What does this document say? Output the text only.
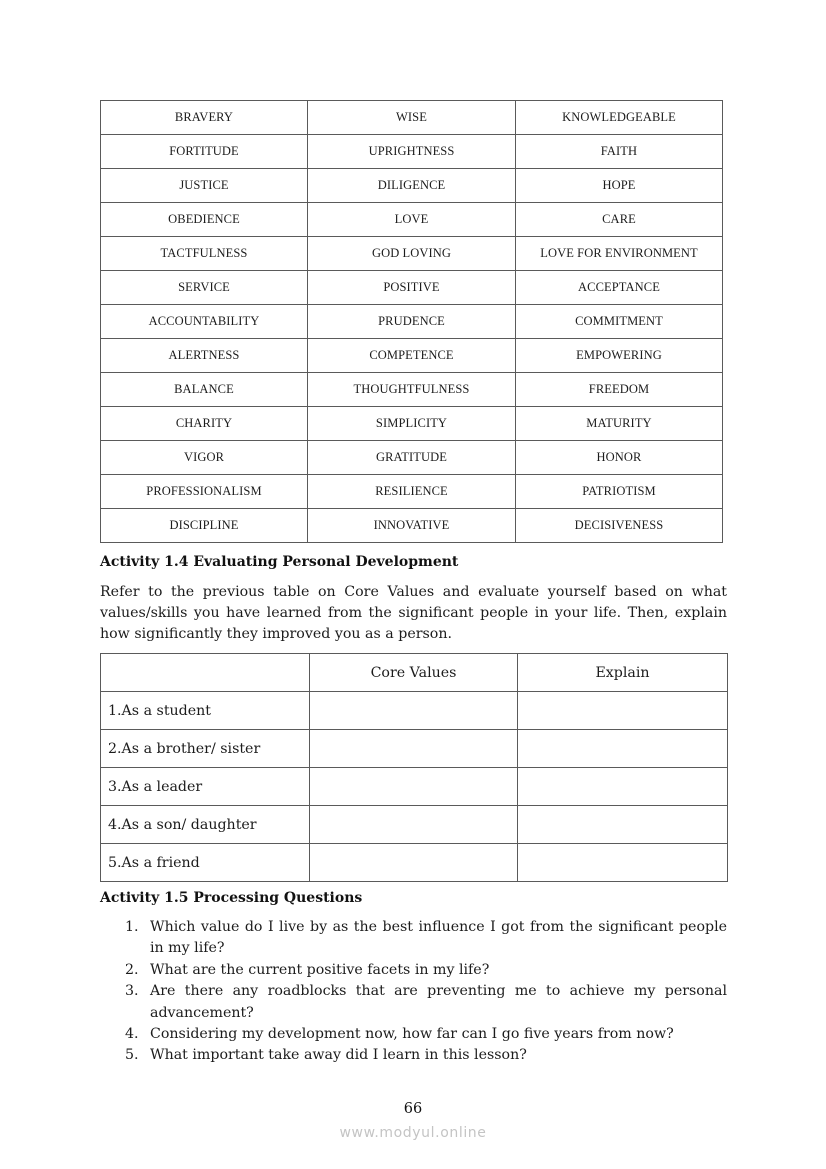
BRAVERY	WISE	KNOWLEDGEABLE
FORTITUDE	UPRIGHTNESS	FAITH
JUSTICE	DILIGENCE	HOPE
OBEDIENCE	LOVE	CARE
TACTFULNESS	GOD LOVING	LOVE FOR ENVIRONMENT
SERVICE	POSITIVE	ACCEPTANCE
ACCOUNTABILITY	PRUDENCE	COMMITMENT
ALERTNESS	COMPETENCE	EMPOWERING
BALANCE	THOUGHTFULNESS	FREEDOM
CHARITY	SIMPLICITY	MATURITY
VIGOR	GRATITUDE	HONOR
PROFESSIONALISM	RESILIENCE	PATRIOTISM
DISCIPLINE	INNOVATIVE	DECISIVENESS
Activity 1.4 Evaluating Personal Development

Refer to the previous table on Core Values and evaluate yourself based on what values/skills you have learned from the significant people in your life. Then, explain how significantly they improved you as a person.

	Core Values	Explain
1.As a student		
2.As a brother/ sister		
3.As a leader		
4.As a son/ daughter		
5.As a friend		
Activity 1.5 Processing Questions
1. Which value do I live by as the best influence I got from the significant people in my life?
2. What are the current positive facets in my life?
3. Are there any roadblocks that are preventing me to achieve my personal advancement?
4. Considering my development now, how far can I go five years from now?
5. What important take away did I learn in this lesson?
66
www.modyul.online
